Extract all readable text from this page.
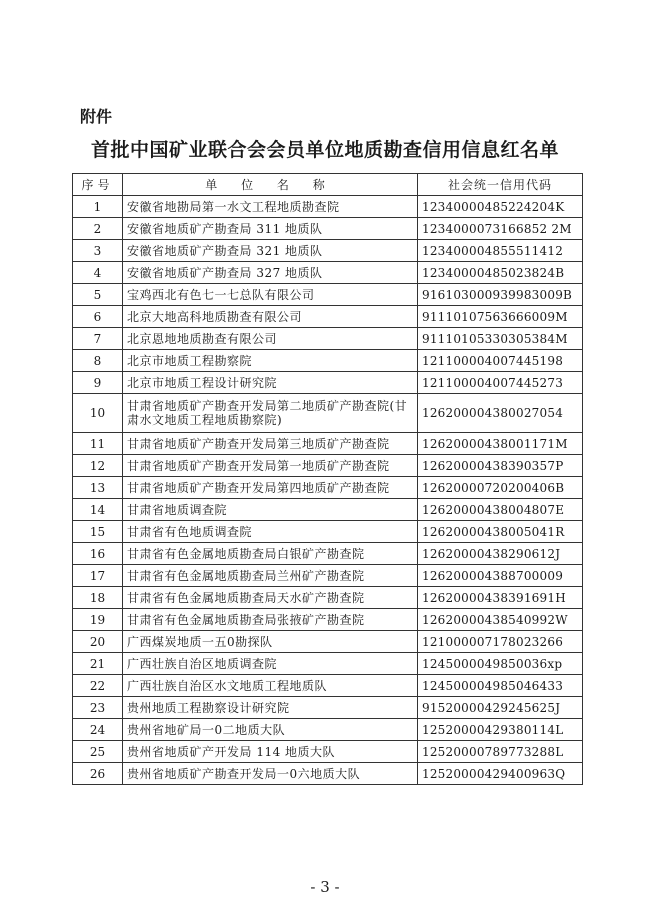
附件
首批中国矿业联合会会员单位地质勘查信用信息红名单
序号	单 位 名 称	社会统一信用代码
1	安徽省地勘局第一水文工程地质勘查院	12340000485224204K
2	安徽省地质矿产勘查局 311 地质队	1234000073166852 2M
3	安徽省地质矿产勘查局 321 地质队	123400004855511412
4	安徽省地质矿产勘查局 327 地质队	12340000485023824B
5	宝鸡西北有色七一七总队有限公司	916103000939983009B
6	北京大地高科地质勘查有限公司	91110107563666009M
7	北京恩地地质勘查有限公司	91110105330305384M
8	北京市地质工程勘察院	121100004007445198
9	北京市地质工程设计研究院	121100004007445273
10	甘肃省地质矿产勘查开发局第二地质矿产勘查院(甘肃水文地质工程地质勘察院)	126200004380027054
11	甘肃省地质矿产勘查开发局第三地质矿产勘查院	12620000438001171M
12	甘肃省地质矿产勘查开发局第一地质矿产勘查院	12620000438390357P
13	甘肃省地质矿产勘查开发局第四地质矿产勘查院	12620000720200406B
14	甘肃省地质调查院	12620000438004807E
15	甘肃省有色地质调查院	12620000438005041R
16	甘肃省有色金属地质勘查局白银矿产勘查院	12620000438290612J
17	甘肃省有色金属地质勘查局兰州矿产勘查院	126200004388700009
18	甘肃省有色金属地质勘查局天水矿产勘查院	12620000438391691H
19	甘肃省有色金属地质勘查局张掖矿产勘查院	12620000438540992W
20	广西煤炭地质一五0勘探队	121000007178023266
21	广西壮族自治区地质调查院	1245000049850036xp
22	广西壮族自治区水文地质工程地质队	124500004985046433
23	贵州地质工程勘察设计研究院	91520000429245625J
24	贵州省地矿局一0二地质大队	12520000429380114L
25	贵州省地质矿产开发局 114 地质大队	12520000789773288L
26	贵州省地质矿产勘查开发局一0六地质大队	12520000429400963Q
- 3 -
